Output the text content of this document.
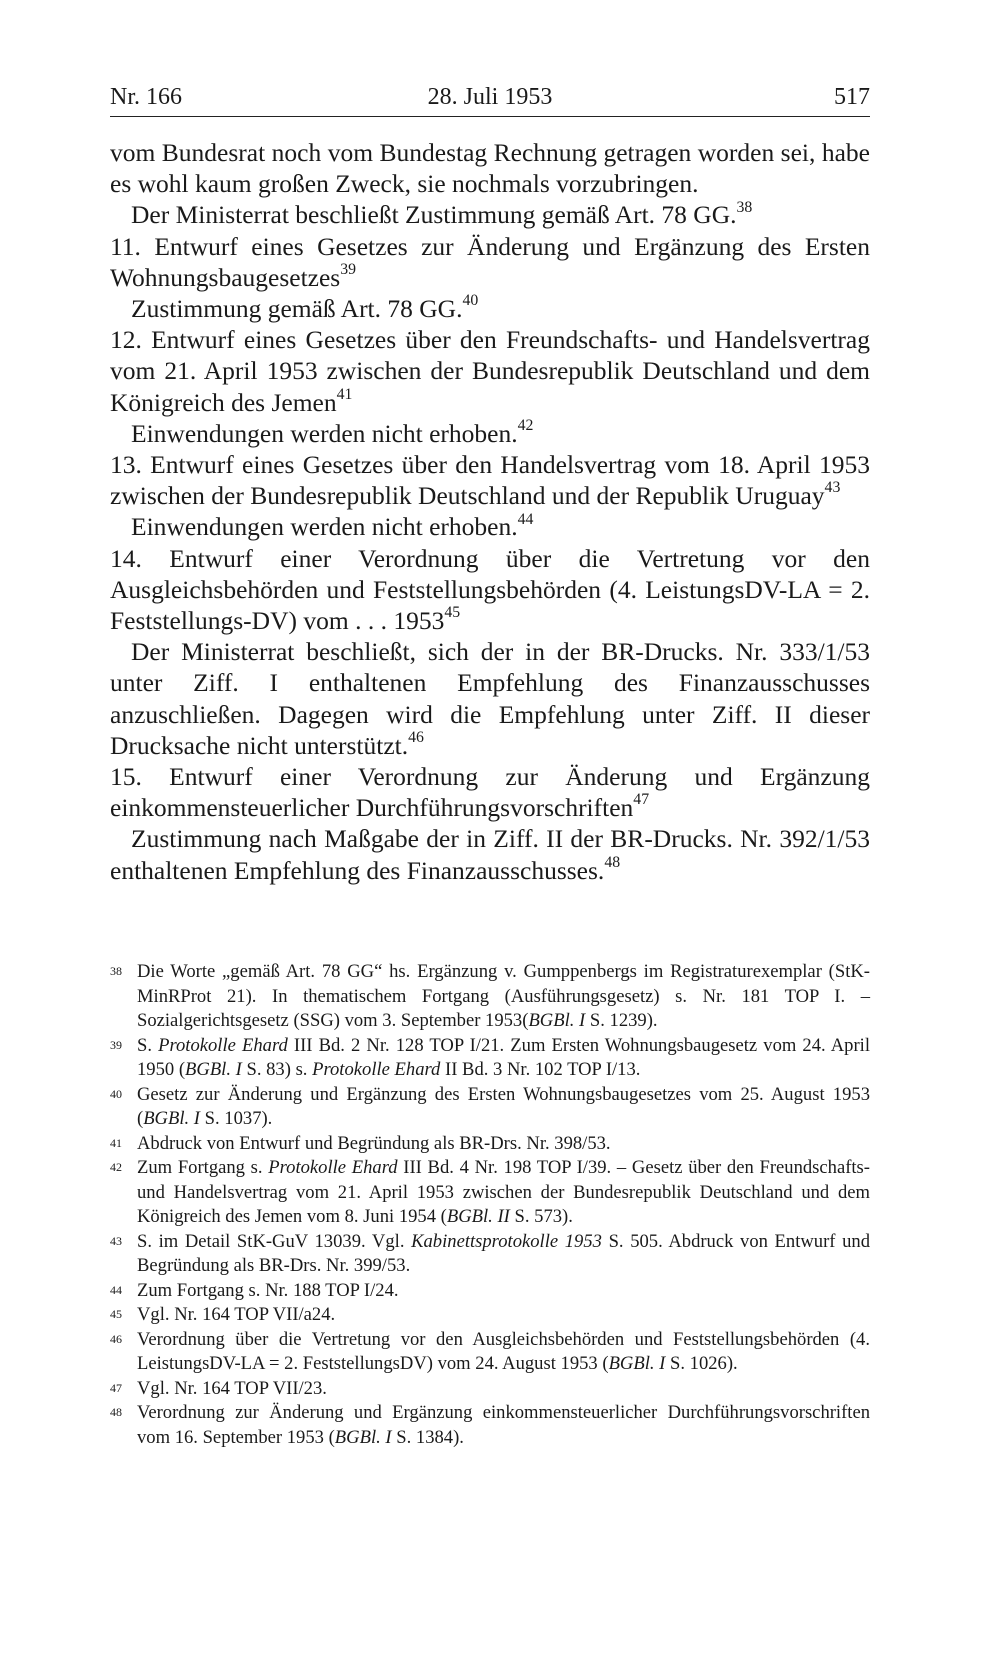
Nr. 166	28. Juli 1953	517

vom Bundesrat noch vom Bundestag Rechnung getragen worden sei, habe es wohl kaum großen Zweck, sie nochmals vorzubringen.

Der Ministerrat beschließt Zustimmung gemäß Art. 78 GG.$^{38}$

11. Entwurf eines Gesetzes zur Änderung und Ergänzung des Ersten Wohnungsbaugesetzes$^{39}$

Zustimmung gemäß Art. 78 GG.$^{40}$

12. Entwurf eines Gesetzes über den Freundschafts- und Handelsvertrag vom 21. April 1953 zwischen der Bundesrepublik Deutschland und dem Königreich des Jemen$^{41}$

Einwendungen werden nicht erhoben.$^{42}$

13. Entwurf eines Gesetzes über den Handelsvertrag vom 18. April 1953 zwischen der Bundesrepublik Deutschland und der Republik Uruguay$^{43}$

Einwendungen werden nicht erhoben.$^{44}$

14. Entwurf einer Verordnung über die Vertretung vor den Ausgleichsbehörden und Feststellungsbehörden (4. LeistungsDV-LA = 2. Feststellungs-DV) vom . . . 1953$^{45}$

Der Ministerrat beschließt, sich der in der BR-Drucks. Nr. 333/1/53 unter Ziff. I enthaltenen Empfehlung des Finanzausschusses anzuschließen. Dagegen wird die Empfehlung unter Ziff. II dieser Drucksache nicht unterstützt.$^{46}$

15. Entwurf einer Verordnung zur Änderung und Ergänzung einkommensteuerlicher Durchführungsvorschriften$^{47}$

Zustimmung nach Maßgabe der in Ziff. II der BR-Drucks. Nr. 392/1/53 enthaltenen Empfehlung des Finanzausschusses.$^{48}$

38 Die Worte „gemäß Art. 78 GG“ hs. Ergänzung v. Gumppenbergs im Registraturexemplar (StK-MinRProt 21). In thematischem Fortgang (Ausführungsgesetz) s. Nr. 181 TOP I. – Sozialgerichtsgesetz (SSG) vom 3. September 1953(BGBl. I S. 1239).

39 S. Protokolle Ehard III Bd. 2 Nr. 128 TOP I/21. Zum Ersten Wohnungsbaugesetz vom 24. April 1950 (BGBl. I S. 83) s. Protokolle Ehard II Bd. 3 Nr. 102 TOP I/13.

40 Gesetz zur Änderung und Ergänzung des Ersten Wohnungsbaugesetzes vom 25. August 1953 (BGBl. I S. 1037).

41 Abdruck von Entwurf und Begründung als BR-Drs. Nr. 398/53.

42 Zum Fortgang s. Protokolle Ehard III Bd. 4 Nr. 198 TOP I/39. – Gesetz über den Freundschafts- und Handelsvertrag vom 21. April 1953 zwischen der Bundesrepublik Deutschland und dem Königreich des Jemen vom 8. Juni 1954 (BGBl. II S. 573).

43 S. im Detail StK-GuV 13039. Vgl. Kabinettsprotokolle 1953 S. 505. Abdruck von Entwurf und Begründung als BR-Drs. Nr. 399/53.

44 Zum Fortgang s. Nr. 188 TOP I/24.

45 Vgl. Nr. 164 TOP VII/a24.

46 Verordnung über die Vertretung vor den Ausgleichsbehörden und Feststellungsbehörden (4. LeistungsDV-LA = 2. FeststellungsDV) vom 24. August 1953 (BGBl. I S. 1026).

47 Vgl. Nr. 164 TOP VII/23.

48 Verordnung zur Änderung und Ergänzung einkommensteuerlicher Durchführungsvorschriften vom 16. September 1953 (BGBl. I S. 1384).
